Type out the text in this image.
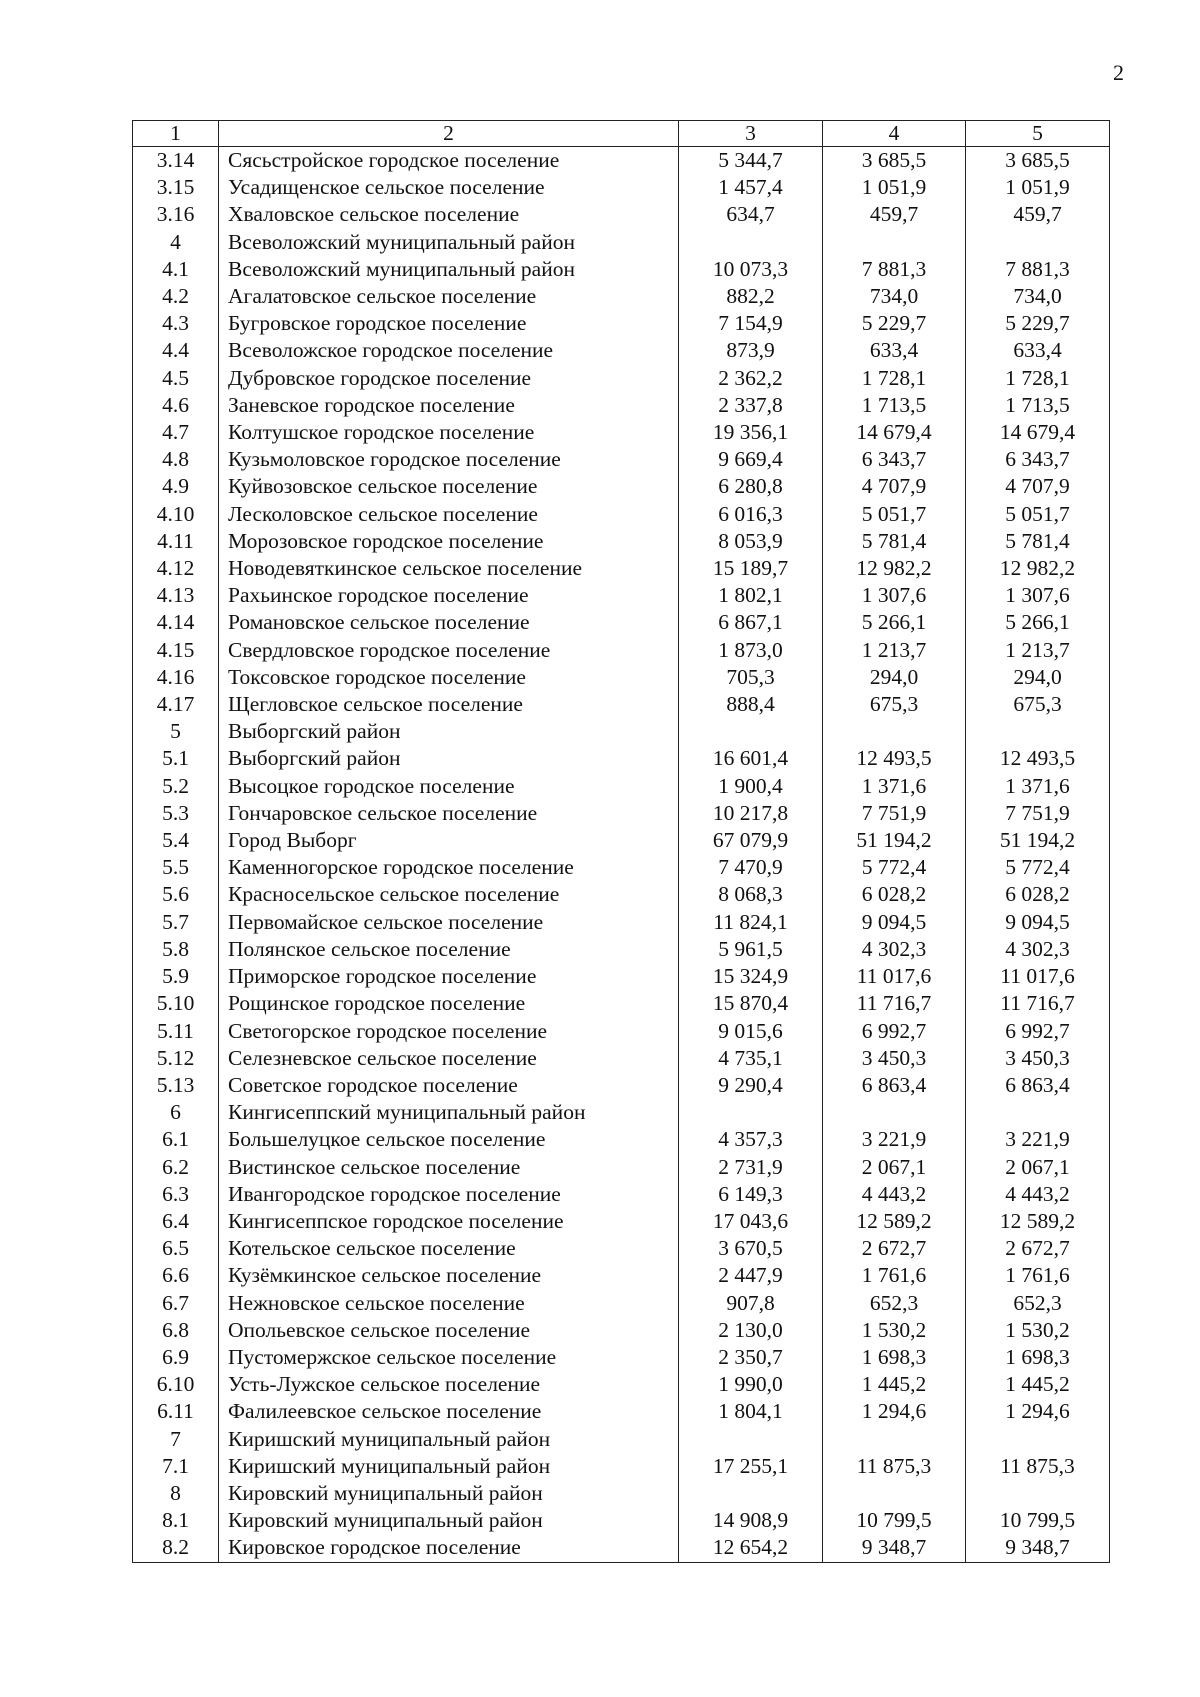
2
1	2	3	4	5
3.14	Сясьстройское городское поселение	5 344,7	3 685,5	3 685,5
3.15	Усадищенское сельское поселение	1 457,4	1 051,9	1 051,9
3.16	Хваловское сельское поселение	634,7	459,7	459,7
4	Всеволожский муниципальный район			
4.1	Всеволожский муниципальный район	10 073,3	7 881,3	7 881,3
4.2	Агалатовское сельское поселение	882,2	734,0	734,0
4.3	Бугровское городское поселение	7 154,9	5 229,7	5 229,7
4.4	Всеволожское городское поселение	873,9	633,4	633,4
4.5	Дубровское городское поселение	2 362,2	1 728,1	1 728,1
4.6	Заневское городское поселение	2 337,8	1 713,5	1 713,5
4.7	Колтушское городское поселение	19 356,1	14 679,4	14 679,4
4.8	Кузьмоловское городское поселение	9 669,4	6 343,7	6 343,7
4.9	Куйвозовское сельское поселение	6 280,8	4 707,9	4 707,9
4.10	Лесколовское сельское поселение	6 016,3	5 051,7	5 051,7
4.11	Морозовское городское поселение	8 053,9	5 781,4	5 781,4
4.12	Новодевяткинское сельское поселение	15 189,7	12 982,2	12 982,2
4.13	Рахьинское городское поселение	1 802,1	1 307,6	1 307,6
4.14	Романовское сельское поселение	6 867,1	5 266,1	5 266,1
4.15	Свердловское городское поселение	1 873,0	1 213,7	1 213,7
4.16	Токсовское городское поселение	705,3	294,0	294,0
4.17	Щегловское сельское поселение	888,4	675,3	675,3
5	Выборгский район			
5.1	Выборгский район	16 601,4	12 493,5	12 493,5
5.2	Высоцкое городское поселение	1 900,4	1 371,6	1 371,6
5.3	Гончаровское сельское поселение	10 217,8	7 751,9	7 751,9
5.4	Город Выборг	67 079,9	51 194,2	51 194,2
5.5	Каменногорское городское поселение	7 470,9	5 772,4	5 772,4
5.6	Красносельское сельское поселение	8 068,3	6 028,2	6 028,2
5.7	Первомайское сельское поселение	11 824,1	9 094,5	9 094,5
5.8	Полянское сельское поселение	5 961,5	4 302,3	4 302,3
5.9	Приморское городское поселение	15 324,9	11 017,6	11 017,6
5.10	Рощинское городское поселение	15 870,4	11 716,7	11 716,7
5.11	Светогорское городское поселение	9 015,6	6 992,7	6 992,7
5.12	Селезневское сельское поселение	4 735,1	3 450,3	3 450,3
5.13	Советское городское поселение	9 290,4	6 863,4	6 863,4
6	Кингисеппский муниципальный район			
6.1	Большелуцкое сельское поселение	4 357,3	3 221,9	3 221,9
6.2	Вистинское сельское поселение	2 731,9	2 067,1	2 067,1
6.3	Ивангородское городское поселение	6 149,3	4 443,2	4 443,2
6.4	Кингисеппское городское поселение	17 043,6	12 589,2	12 589,2
6.5	Котельское сельское поселение	3 670,5	2 672,7	2 672,7
6.6	Кузёмкинское сельское поселение	2 447,9	1 761,6	1 761,6
6.7	Нежновское сельское поселение	907,8	652,3	652,3
6.8	Опольевское сельское поселение	2 130,0	1 530,2	1 530,2
6.9	Пустомержское сельское поселение	2 350,7	1 698,3	1 698,3
6.10	Усть-Лужское сельское поселение	1 990,0	1 445,2	1 445,2
6.11	Фалилеевское сельское поселение	1 804,1	1 294,6	1 294,6
7	Киришский муниципальный район			
7.1	Киришский муниципальный район	17 255,1	11 875,3	11 875,3
8	Кировский муниципальный район			
8.1	Кировский муниципальный район	14 908,9	10 799,5	10 799,5
8.2	Кировское городское поселение	12 654,2	9 348,7	9 348,7
